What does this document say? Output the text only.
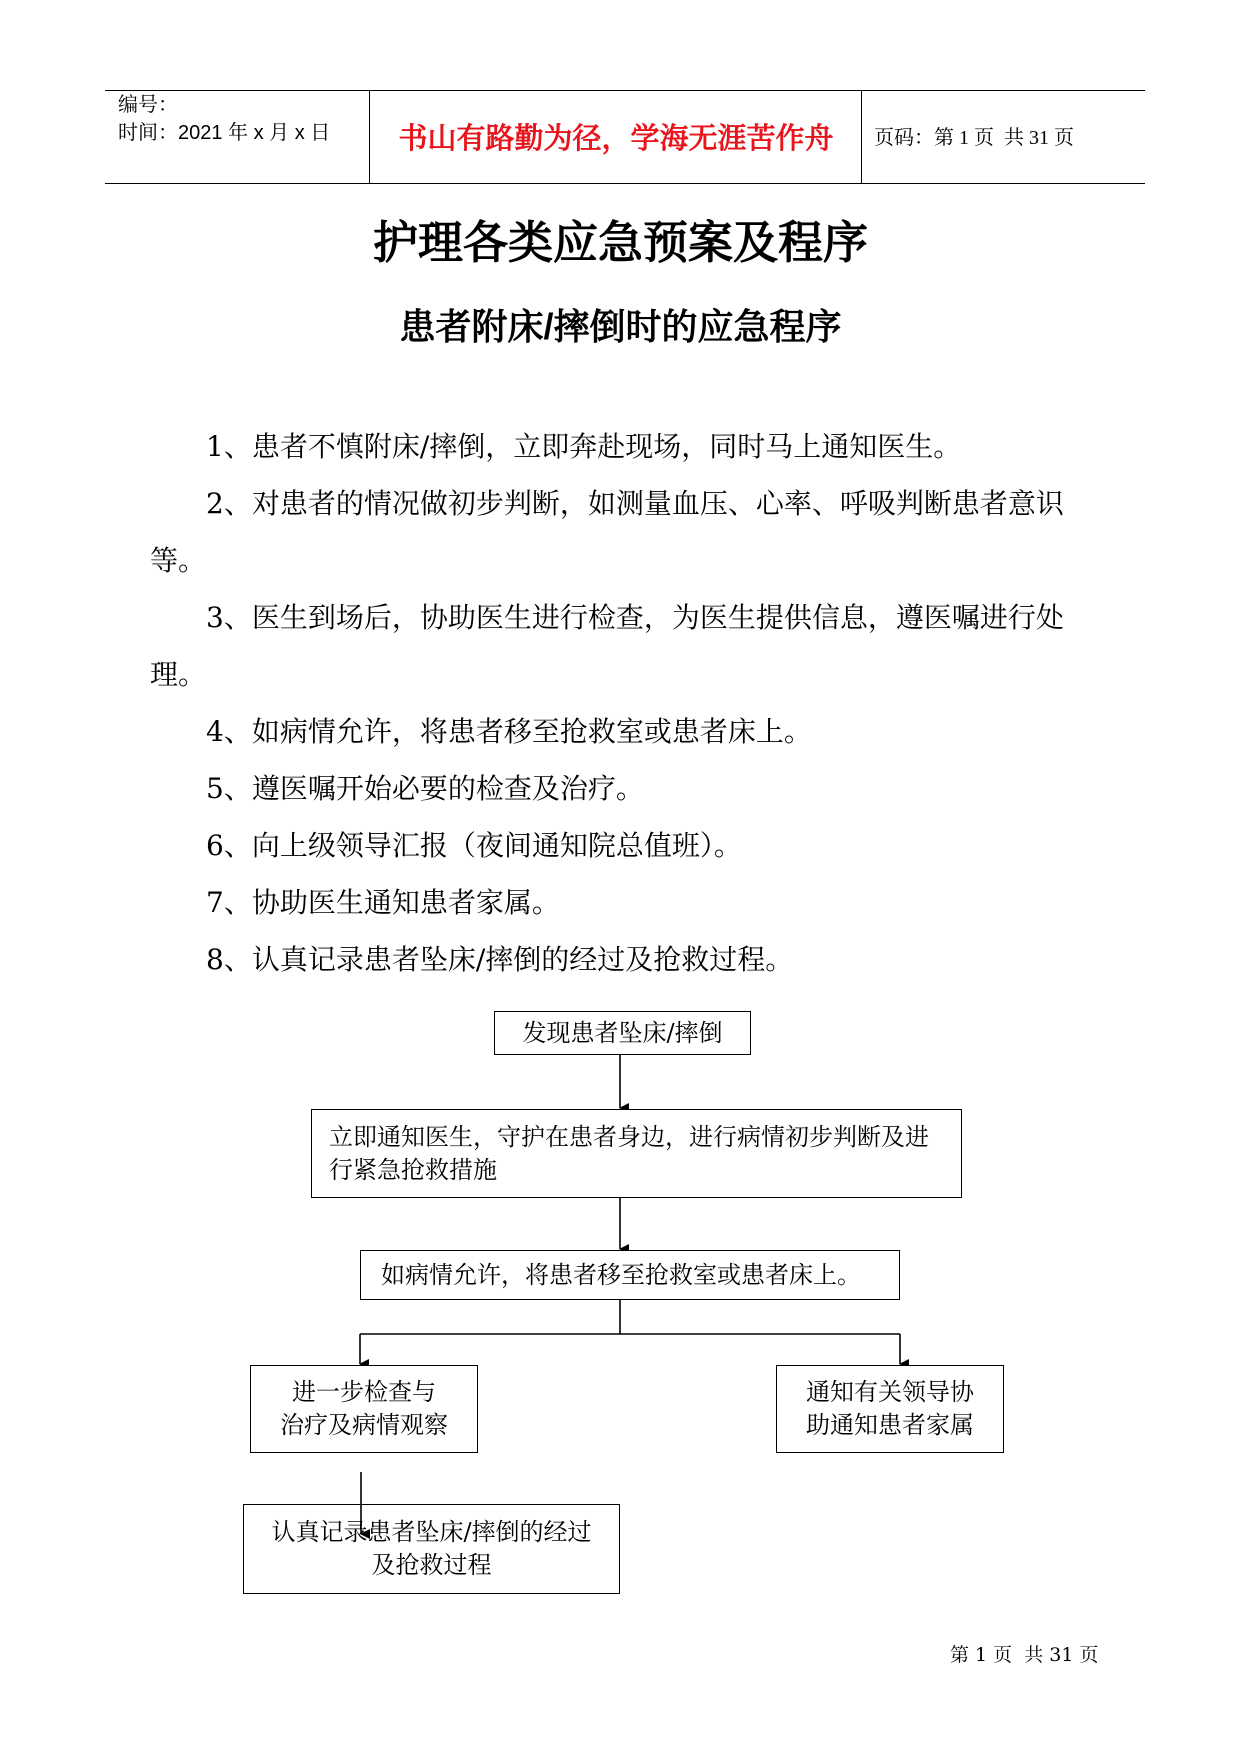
编号：
时间：2021 年 x 月 x 日	书山有路勤为径，学海无涯苦作舟	页码：第 1 页  共 31 页
护理各类应急预案及程序
患者附床/摔倒时的应急程序
1、患者不慎附床/摔倒，立即奔赴现场，同时马上通知医生。
2、对患者的情况做初步判断，如测量血压、心率、呼吸判断患者意识
等。
3、医生到场后，协助医生进行检查，为医生提供信息，遵医嘱进行处
理。
4、如病情允许，将患者移至抢救室或患者床上。
5、遵医嘱开始必要的检查及治疗。
6、向上级领导汇报（夜间通知院总值班）。
7、协助医生通知患者家属。
8、认真记录患者坠床/摔倒的经过及抢救过程。
发现患者坠床/摔倒
立即通知医生，守护在患者身边，进行病情初步判断及进
行紧急抢救措施
如病情允许，将患者移至抢救室或患者床上。
进一步检查与
治疗及病情观察
通知有关领导协
助通知患者家属
认真记录患者坠床/摔倒的经过
及抢救过程
第 1 页  共 31 页
